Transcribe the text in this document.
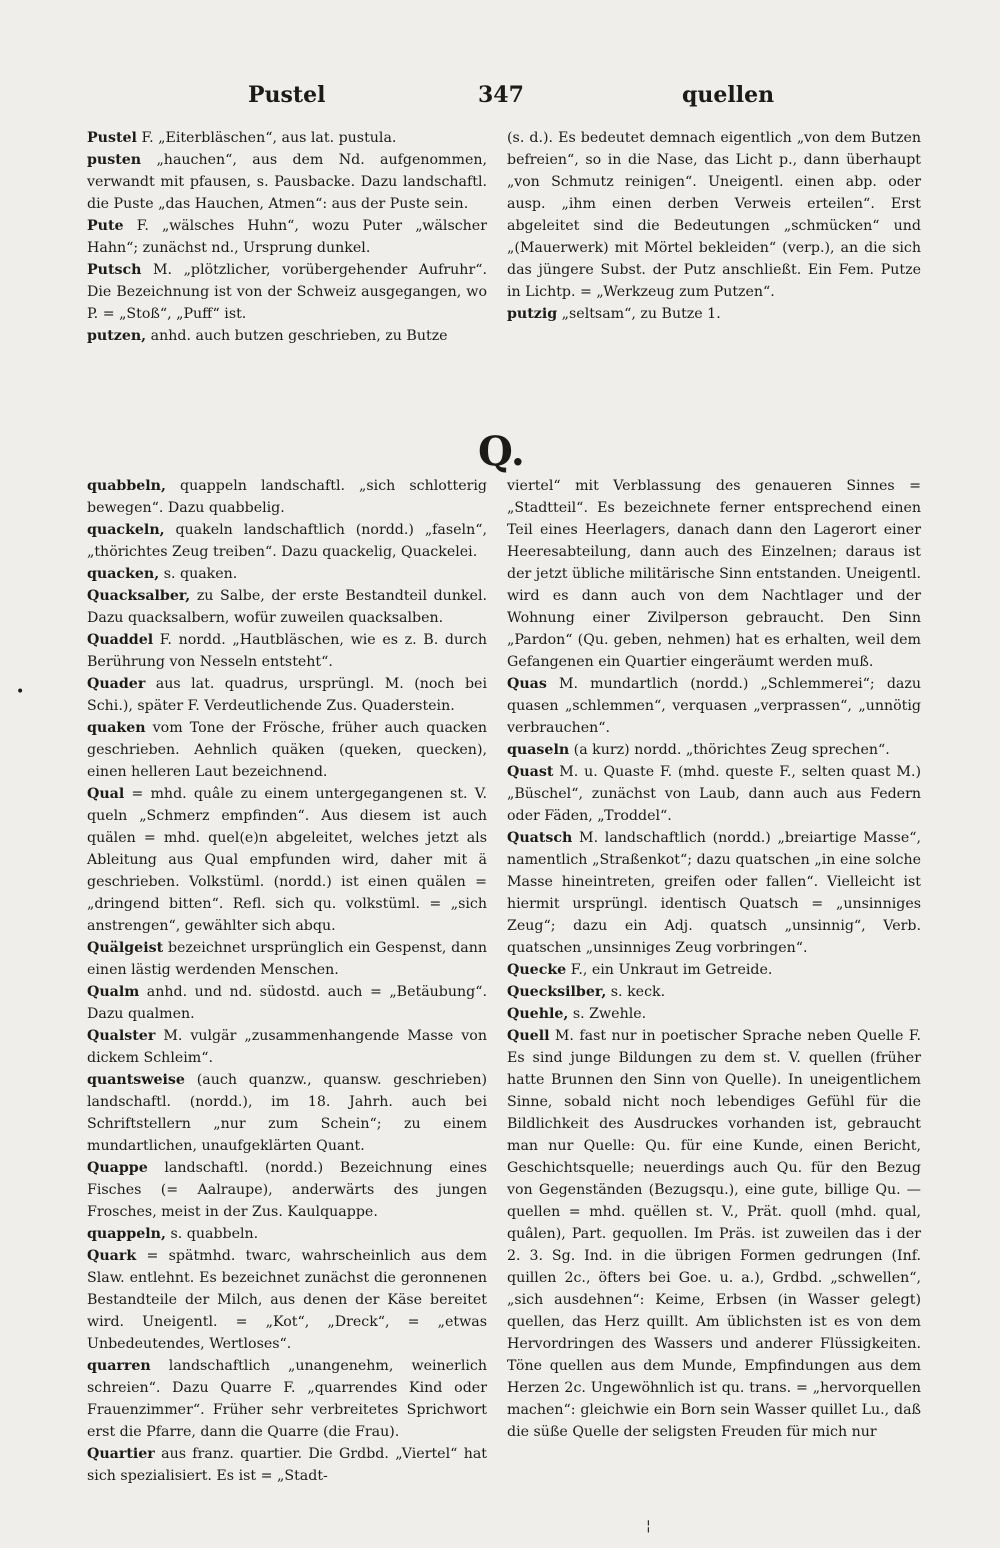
Pustel	347	quellen

Pustel F. „Eiterbläschen“, aus lat. pustula.

pusten „hauchen“, aus dem Nd. aufgenommen, verwandt mit pfausen, s. Pausbacke. Dazu landschaftl. die Puste „das Hauchen, Atmen“: aus der Puste sein.

Pute F. „wälsches Huhn“, wozu Puter „wälscher Hahn“; zunächst nd., Ursprung dunkel.

Putsch M. „plötzlicher, vorübergehender Aufruhr“. Die Bezeichnung ist von der Schweiz ausgegangen, wo P. = „Stoß“, „Puff“ ist.

putzen, anhd. auch butzen geschrieben, zu Butze

(s. d.). Es bedeutet demnach eigentlich „von dem Butzen befreien“, so in die Nase, das Licht p., dann überhaupt „von Schmutz reinigen“. Uneigentl. einen abp. oder ausp. „ihm einen derben Verweis erteilen“. Erst abgeleitet sind die Bedeutungen „schmücken“ und „(Mauerwerk) mit Mörtel bekleiden“ (verp.), an die sich das jüngere Subst. der Putz anschließt. Ein Fem. Putze in Lichtp. = „Werkzeug zum Putzen“.

putzig „seltsam“, zu Butze 1.

Q.

quabbeln, quappeln landschaftl. „sich schlotterig bewegen“. Dazu quabbelig.

quackeln, quakeln landschaftlich (nordd.) „faseln“, „thörichtes Zeug treiben“. Dazu quackelig, Quackelei.

quacken, s. quaken.

Quacksalber, zu Salbe, der erste Bestandteil dunkel. Dazu quacksalbern, wofür zuweilen quacksalben.

Quaddel F. nordd. „Hautbläschen, wie es z. B. durch Berührung von Nesseln entsteht“.

Quader aus lat. quadrus, ursprüngl. M. (noch bei Schi.), später F. Verdeutlichende Zus. Quaderstein.

quaken vom Tone der Frösche, früher auch quacken geschrieben. Aehnlich quäken (queken, quecken), einen helleren Laut bezeichnend.

Qual = mhd. quâle zu einem untergegangenen st. V. queln „Schmerz empfinden“. Aus diesem ist auch quälen = mhd. quel(e)n abgeleitet, welches jetzt als Ableitung aus Qual empfunden wird, daher mit ä geschrieben. Volkstüml. (nordd.) ist einen quälen = „dringend bitten“. Refl. sich qu. volkstüml. = „sich anstrengen“, gewählter sich abqu.

Quälgeist bezeichnet ursprünglich ein Gespenst, dann einen lästig werdenden Menschen.

Qualm anhd. und nd. südostd. auch = „Betäubung“. Dazu qualmen.

Qualster M. vulgär „zusammenhangende Masse von dickem Schleim“.

quantsweise (auch quanzw., quansw. geschrieben) landschaftl. (nordd.), im 18. Jahrh. auch bei Schriftstellern „nur zum Schein“; zu einem mundartlichen, unaufgeklärten Quant.

Quappe landschaftl. (nordd.) Bezeichnung eines Fisches (= Aalraupe), anderwärts des jungen Frosches, meist in der Zus. Kaulquappe.

quappeln, s. quabbeln.

Quark = spätmhd. twarc, wahrscheinlich aus dem Slaw. entlehnt. Es bezeichnet zunächst die geronnenen Bestandteile der Milch, aus denen der Käse bereitet wird. Uneigentl. = „Kot“, „Dreck“, = „etwas Unbedeutendes, Wertloses“.

quarren landschaftlich „unangenehm, weinerlich schreien“. Dazu Quarre F. „quarrendes Kind oder Frauenzimmer“. Früher sehr verbreitetes Sprichwort erst die Pfarre, dann die Quarre (die Frau).

Quartier aus franz. quartier. Die Grdbd. „Viertel“ hat sich spezialisiert. Es ist = „Stadt-

viertel“ mit Verblassung des genaueren Sinnes = „Stadtteil“. Es bezeichnete ferner entsprechend einen Teil eines Heerlagers, danach dann den Lagerort einer Heeresabteilung, dann auch des Einzelnen; daraus ist der jetzt übliche militärische Sinn entstanden. Uneigentl. wird es dann auch von dem Nachtlager und der Wohnung einer Zivilperson gebraucht. Den Sinn „Pardon“ (Qu. geben, nehmen) hat es erhalten, weil dem Gefangenen ein Quartier eingeräumt werden muß.

Quas M. mundartlich (nordd.) „Schlemmerei“; dazu quasen „schlemmen“, verquasen „verprassen“, „unnötig verbrauchen“.

quaseln (a kurz) nordd. „thörichtes Zeug sprechen“.

Quast M. u. Quaste F. (mhd. queste F., selten quast M.) „Büschel“, zunächst von Laub, dann auch aus Federn oder Fäden, „Troddel“.

Quatsch M. landschaftlich (nordd.) „breiartige Masse“, namentlich „Straßenkot“; dazu quatschen „in eine solche Masse hineintreten, greifen oder fallen“. Vielleicht ist hiermit ursprüngl. identisch Quatsch = „unsinniges Zeug“; dazu ein Adj. quatsch „unsinnig“, Verb. quatschen „unsinniges Zeug vorbringen“.

Quecke F., ein Unkraut im Getreide.

Quecksilber, s. keck.

Quehle, s. Zwehle.

Quell M. fast nur in poetischer Sprache neben Quelle F. Es sind junge Bildungen zu dem st. V. quellen (früher hatte Brunnen den Sinn von Quelle). In uneigentlichem Sinne, sobald nicht noch lebendiges Gefühl für die Bildlichkeit des Ausdruckes vorhanden ist, gebraucht man nur Quelle: Qu. für eine Kunde, einen Bericht, Geschichtsquelle; neuerdings auch Qu. für den Bezug von Gegenständen (Bezugsqu.), eine gute, billige Qu. — quellen = mhd. quëllen st. V., Prät. quoll (mhd. qual, quâlen), Part. gequollen. Im Präs. ist zuweilen das i der 2. 3. Sg. Ind. in die übrigen Formen gedrungen (Inf. quillen 2c., öfters bei Goe. u. a.), Grdbd. „schwellen“, „sich ausdehnen“: Keime, Erbsen (in Wasser gelegt) quellen, das Herz quillt. Am üblichsten ist es von dem Hervordringen des Wassers und anderer Flüssigkeiten. Töne quellen aus dem Munde, Empfindungen aus dem Herzen 2c. Ungewöhnlich ist qu. trans. = „hervorquellen machen“: gleichwie ein Born sein Wasser quillet Lu., daß die süße Quelle der seligsten Freuden für mich nur

•
¦
